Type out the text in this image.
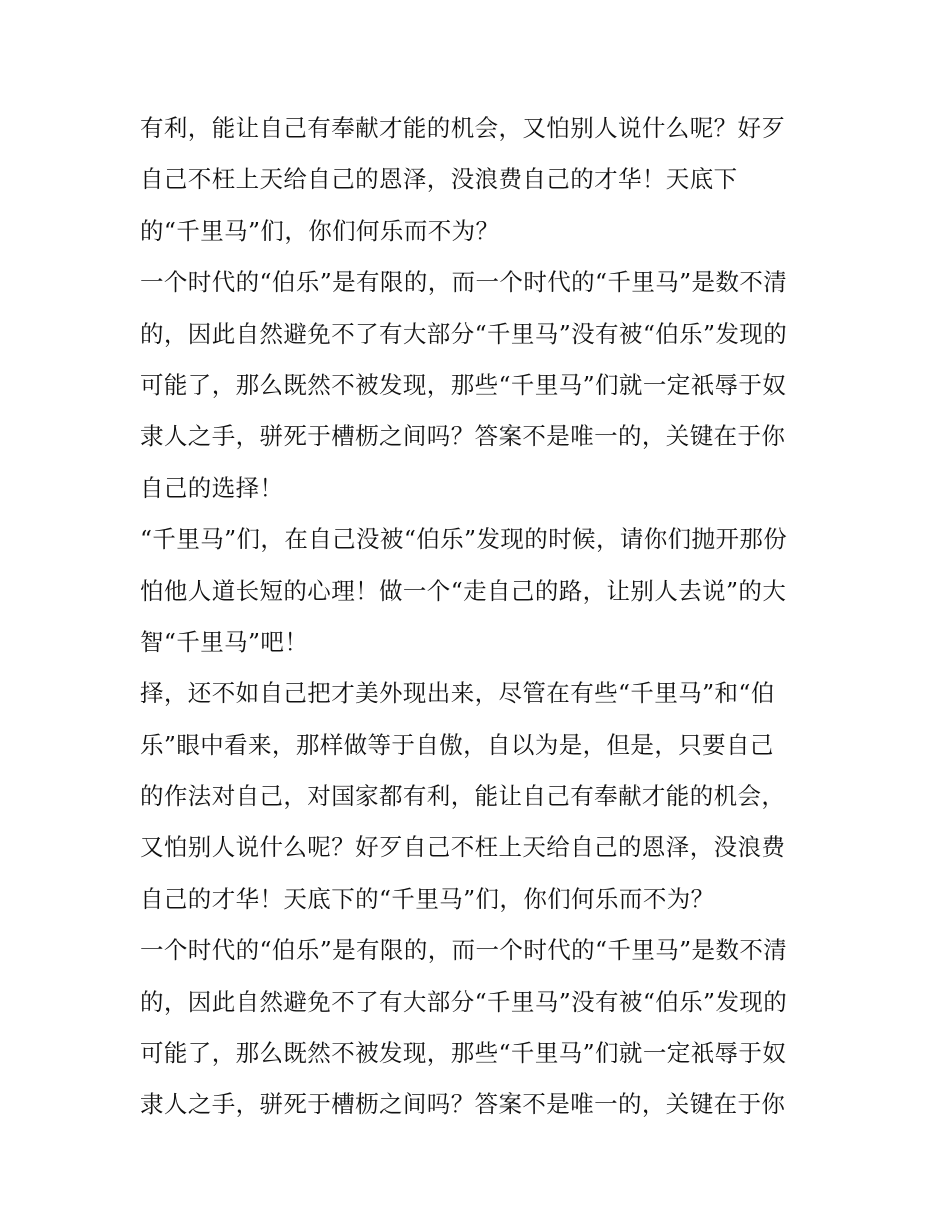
有利，能让自己有奉献才能的机会，又怕别人说什么呢？好歹
自己不枉上天给自己的恩泽，没浪费自己的才华！天底下
的“千里马”们，你们何乐而不为？
一个时代的“伯乐”是有限的，而一个时代的“千里马”是数不清
的，因此自然避免不了有大部分“千里马”没有被“伯乐”发现的
可能了，那么既然不被发现，那些“千里马”们就一定祇辱于奴
隶人之手，骈死于槽枥之间吗？答案不是唯一的，关键在于你
自己的选择！
“千里马”们，在自己没被“伯乐”发现的时候，请你们抛开那份
怕他人道长短的心理！做一个“走自己的路，让别人去说”的大
智“千里马”吧！
择，还不如自己把才美外现出来，尽管在有些“千里马”和“伯
乐”眼中看来，那样做等于自傲，自以为是，但是，只要自己
的作法对自己，对国家都有利，能让自己有奉献才能的机会，
又怕别人说什么呢？好歹自己不枉上天给自己的恩泽，没浪费
自己的才华！天底下的“千里马”们，你们何乐而不为？
一个时代的“伯乐”是有限的，而一个时代的“千里马”是数不清
的，因此自然避免不了有大部分“千里马”没有被“伯乐”发现的
可能了，那么既然不被发现，那些“千里马”们就一定祇辱于奴
隶人之手，骈死于槽枥之间吗？答案不是唯一的，关键在于你
